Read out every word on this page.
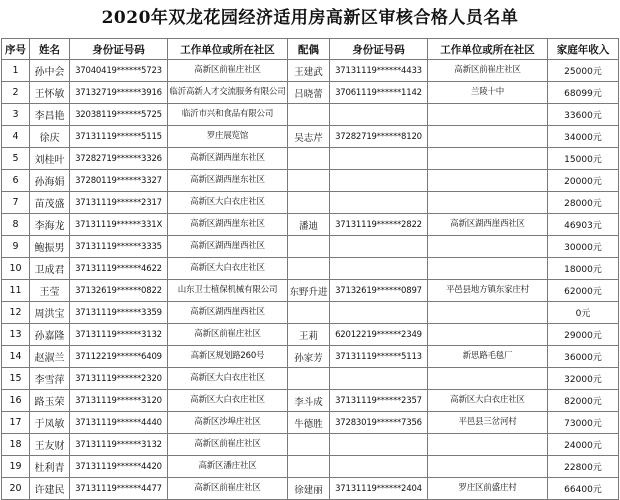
2020年双龙花园经济适用房高新区审核合格人员名单
序号	姓名	身份证号码	工作单位或所在社区	配偶	身份证号码	工作单位或所在社区	家庭年收入
1	孙中会	37040419******5723	高新区前崔庄社区	王建武	37131119******4433	高新区前崔庄社区	25000元
2	王怀敏	37132719******3916	临沂高新人才交流服务有限公司	吕晓蕾	37061119******1142	兰陵十中	68099元
3	李昌艳	32038119******5725	临沂市兴和食品有限公司				33600元
4	徐庆	37131119******5115	罗庄展览馆	吴志芹	37282719******8120		34000元
5	刘桂叶	37282719******3326	高新区湖西崖东社区				15000元
6	孙海娟	37280119******3327	高新区湖西崖东社区				20000元
7	苗茂盛	37131119******2317	高新区大白衣庄社区				28000元
8	李海龙	37131119******331X	高新区湖西崖东社区	潘迪	37131119******2822	高新区湖西崖西社区	46903元
9	鲍振男	37131119******3335	高新区湖西崖西社区				30000元
10	卫成君	37131119******4622	高新区大白衣庄社区				18000元
11	王莹	37132619******0822	山东卫士植保机械有限公司	东野升进	37132619******0897	平邑县地方镇东家庄村	62000元
12	周洪宝	37131119******3359	高新区湖西崖西社区				0元
13	孙嘉隆	37131119******3132	高新区前崔庄社区	王莉	62012219******2349		29000元
14	赵淑兰	37112219******6409	高新区规划路260号	孙家芳	37131119******5113	新思路毛毯厂	36000元
15	李雪萍	37131119******2320	高新区大白衣庄社区				32000元
16	路玉荣	37131119******3120	高新区大白衣庄社区	李斗成	37131119******2357	高新区大白衣庄社区	82000元
17	于凤敏	37131119******4440	高新区沙埠庄社区	牛德胜	37283019******7356	平邑县三岔河村	73000元
18	王友财	37131119******3132	高新区前崔庄社区				24000元
19	杜利青	37131119******4420	高新区潘庄社区				22800元
20	许建民	37131119******4477	高新区前崔庄社区	徐建丽	37131119******2404	罗庄区前盛庄村	66400元
